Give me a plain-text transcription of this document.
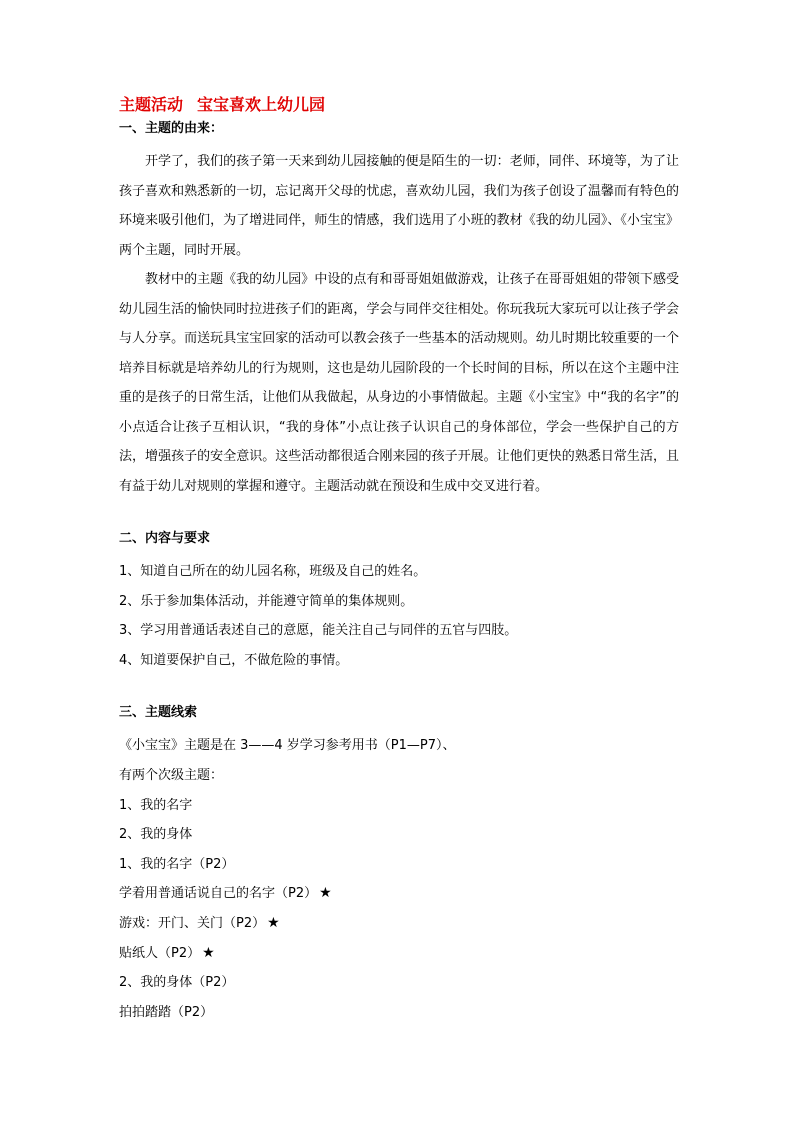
主题活动 宝宝喜欢上幼儿园

一、主题的由来：

开学了，我们的孩子第一天来到幼儿园接触的便是陌生的一切：老师，同伴、环境等，为了让孩子喜欢和熟悉新的一切，忘记离开父母的忧虑，喜欢幼儿园，我们为孩子创设了温馨而有特色的环境来吸引他们，为了增进同伴，师生的情感，我们选用了小班的教材《我的幼儿园》、《小宝宝》两个主题，同时开展。

教材中的主题《我的幼儿园》中设的点有和哥哥姐姐做游戏，让孩子在哥哥姐姐的带领下感受幼儿园生活的愉快同时拉进孩子们的距离，学会与同伴交往相处。你玩我玩大家玩可以让孩子学会与人分享。而送玩具宝宝回家的活动可以教会孩子一些基本的活动规则。幼儿时期比较重要的一个培养目标就是培养幼儿的行为规则，这也是幼儿园阶段的一个长时间的目标，所以在这个主题中注重的是孩子的日常生活，让他们从我做起，从身边的小事情做起。主题《小宝宝》中“我的名字”的小点适合让孩子互相认识，“我的身体”小点让孩子认识自己的身体部位，学会一些保护自己的方法，增强孩子的安全意识。这些活动都很适合刚来园的孩子开展。让他们更快的熟悉日常生活，且有益于幼儿对规则的掌握和遵守。主题活动就在预设和生成中交叉进行着。

二、内容与要求

1、知道自己所在的幼儿园名称，班级及自己的姓名。

2、乐于参加集体活动，并能遵守简单的集体规则。

3、学习用普通话表述自己的意愿，能关注自己与同伴的五官与四肢。

4、知道要保护自己，不做危险的事情。

三、主题线索

《小宝宝》主题是在 3——4 岁学习参考用书（P1—P7）、

有两个次级主题：

1、我的名字

2、我的身体

1、我的名字（P2）

学着用普通话说自己的名字（P2） ★

游戏：开门、关门（P2） ★

贴纸人（P2） ★

2、我的身体（P2）

拍拍踏踏（P2）
